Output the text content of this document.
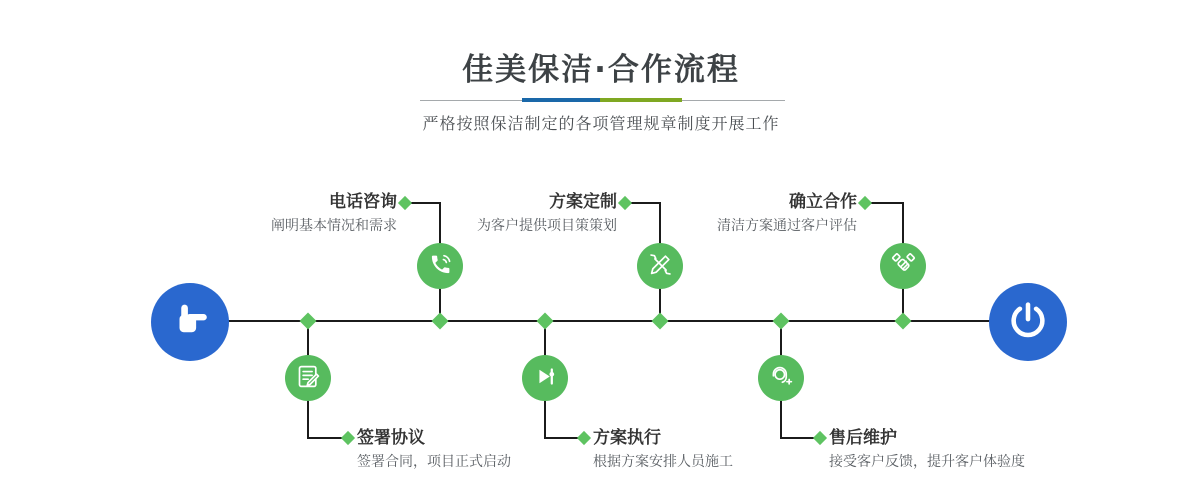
佳美保洁·合作流程
严格按照保洁制定的各项管理规章制度开展工作
电话咨询
阐明基本情况和需求
签署协议
签署合同，项目正式启动
方案定制
为客户提供项目策策划
方案执行
根据方案安排人员施工
确立合作
清洁方案通过客户评估
售后维护
接受客户反馈，提升客户体验度
